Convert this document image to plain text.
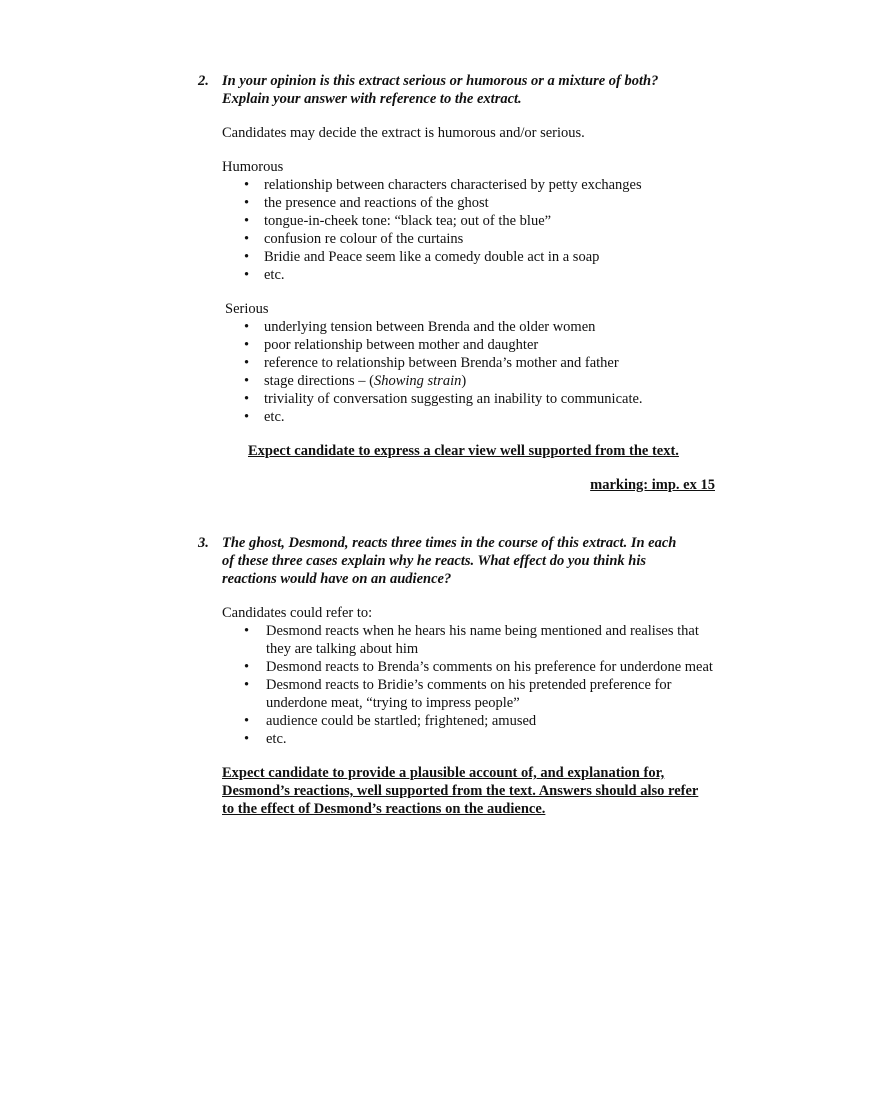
2. In your opinion is this extract serious or humorous or a mixture of both?
Explain your answer with reference to the extract.
Candidates may decide the extract is humorous and/or serious.
Humorous
• relationship between characters characterised by petty exchanges
• the presence and reactions of the ghost
• tongue-in-cheek tone: “black tea; out of the blue”
• confusion re colour of the curtains
• Bridie and Peace seem like a comedy double act in a soap
• etc.
Serious
• underlying tension between Brenda and the older women
• poor relationship between mother and daughter
• reference to relationship between Brenda’s mother and father
• stage directions – (Showing strain)
• triviality of conversation suggesting an inability to communicate.
• etc.
Expect candidate to express a clear view well supported from the text.
marking: imp. ex 15
3. The ghost, Desmond, reacts three times in the course of this extract. In each
of these three cases explain why he reacts. What effect do you think his
reactions would have on an audience?
Candidates could refer to:
• Desmond reacts when he hears his name being mentioned and realises that they are talking about him
• Desmond reacts to Brenda’s comments on his preference for underdone meat
• Desmond reacts to Bridie’s comments on his pretended preference for underdone meat, “trying to impress people”
• audience could be startled; frightened; amused
• etc.
Expect candidate to provide a plausible account of, and explanation for,
Desmond’s reactions, well supported from the text. Answers should also refer
to the effect of Desmond’s reactions on the audience.
